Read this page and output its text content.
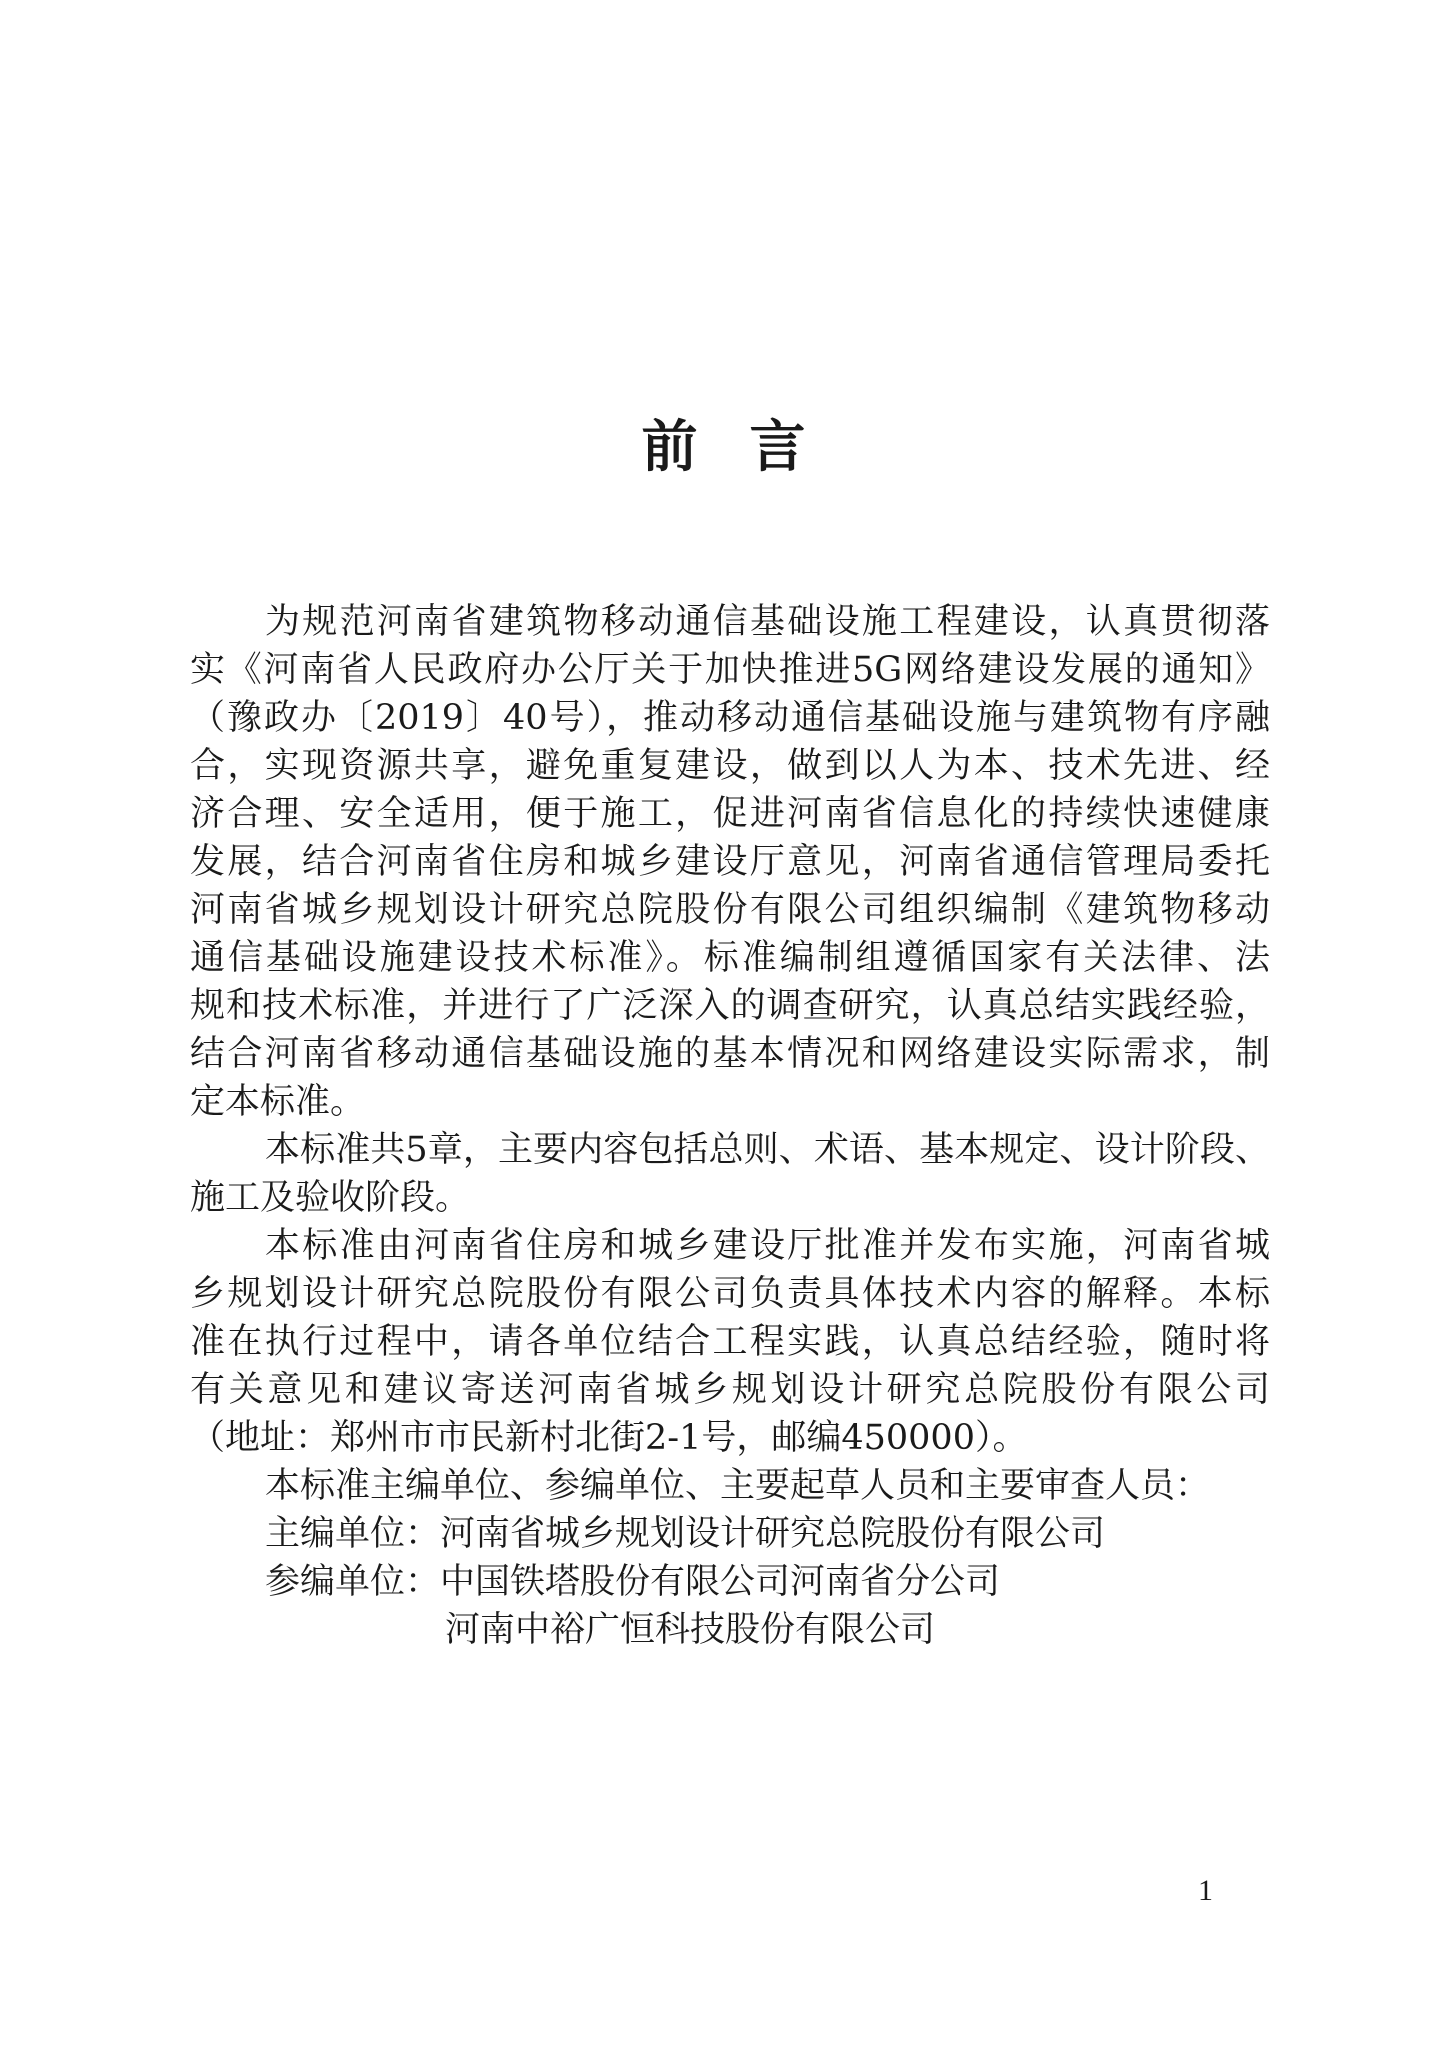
前言
为规范河南省建筑物移动通信基础设施工程建设，认真贯彻落
实《河南省人民政府办公厅关于加快推进5G网络建设发展的通知》
（豫政办〔2019〕40号），推动移动通信基础设施与建筑物有序融
合，实现资源共享，避免重复建设，做到以人为本、技术先进、经
济合理、安全适用，便于施工，促进河南省信息化的持续快速健康
发展，结合河南省住房和城乡建设厅意见，河南省通信管理局委托
河南省城乡规划设计研究总院股份有限公司组织编制《建筑物移动
通信基础设施建设技术标准》。标准编制组遵循国家有关法律、法
规和技术标准，并进行了广泛深入的调查研究，认真总结实践经验，
结合河南省移动通信基础设施的基本情况和网络建设实际需求，制
定本标准。
本标准共5章，主要内容包括总则、术语、基本规定、设计阶段、
施工及验收阶段。
本标准由河南省住房和城乡建设厅批准并发布实施，河南省城
乡规划设计研究总院股份有限公司负责具体技术内容的解释。本标
准在执行过程中，请各单位结合工程实践，认真总结经验，随时将
有关意见和建议寄送河南省城乡规划设计研究总院股份有限公司
（地址：郑州市市民新村北街2-1号，邮编450000）。
本标准主编单位、参编单位、主要起草人员和主要审查人员：
主编单位：河南省城乡规划设计研究总院股份有限公司
参编单位：中国铁塔股份有限公司河南省分公司
河南中裕广恒科技股份有限公司
1
